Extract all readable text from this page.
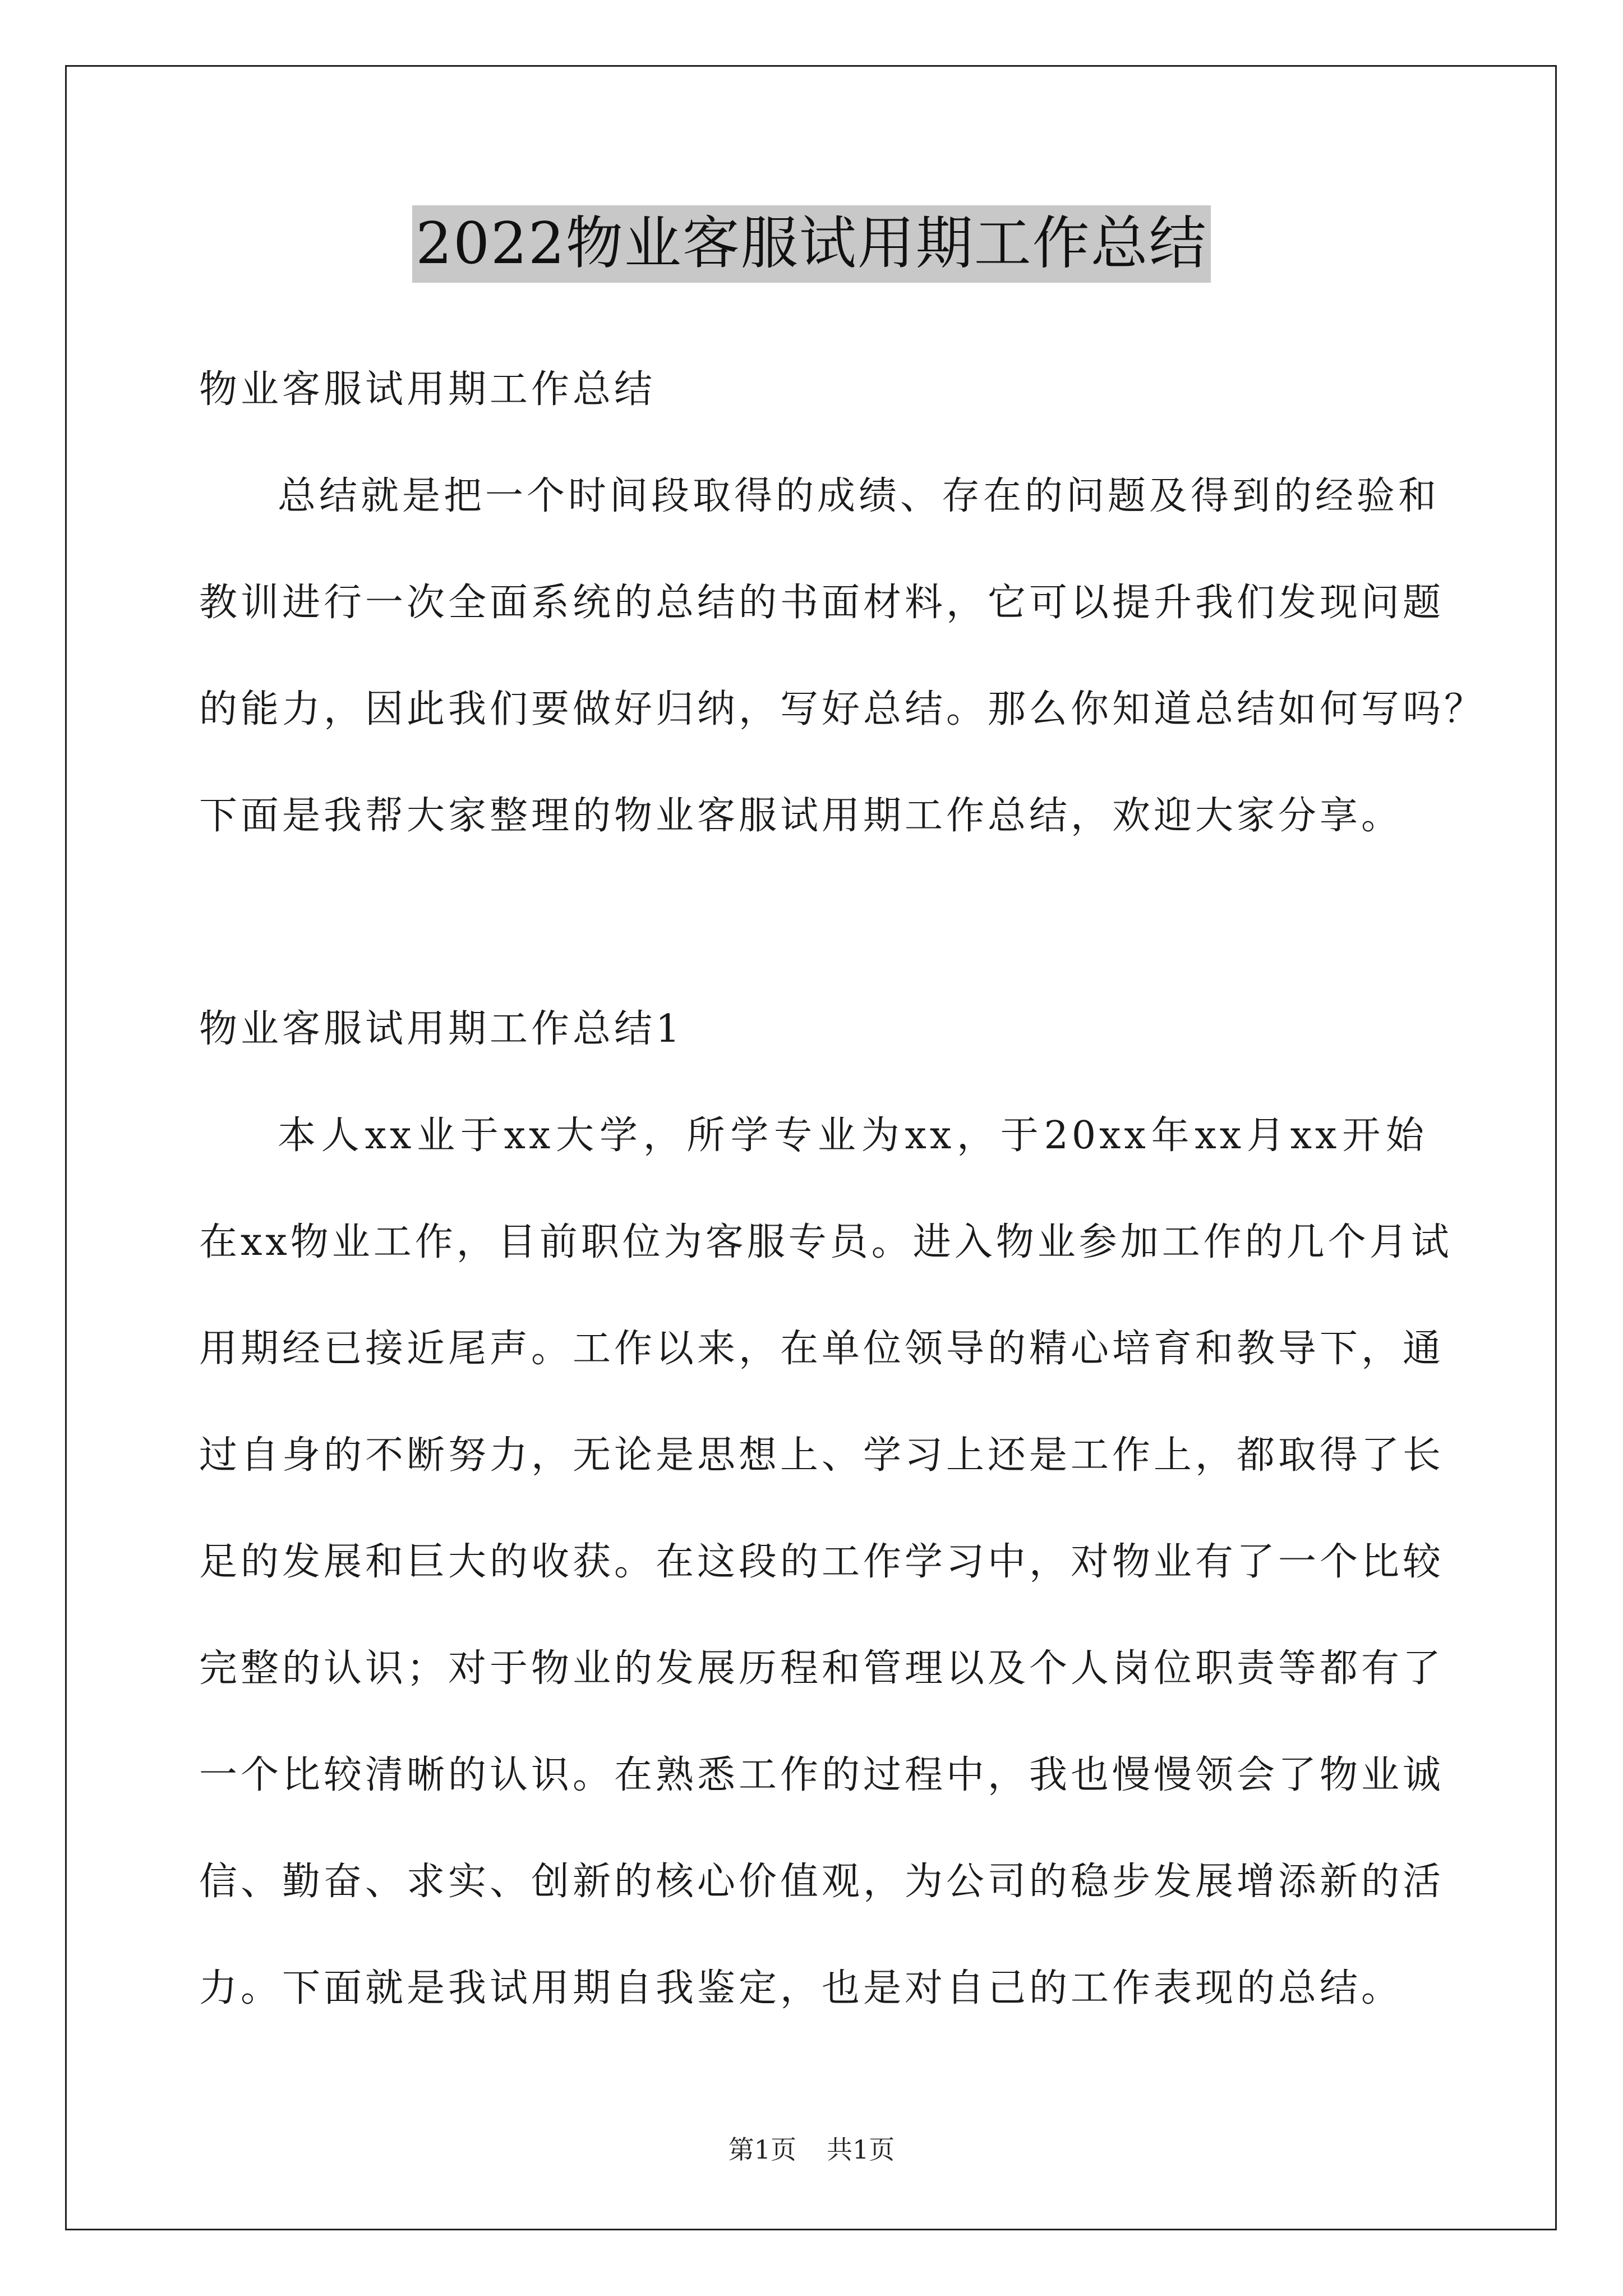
2022物业客服试用期工作总结

物业客服试用期工作总结

总结就是把一个时间段取得的成绩、存在的问题及得到的经验和

教训进行一次全面系统的总结的书面材料，它可以提升我们发现问题

的能力，因此我们要做好归纳，写好总结。那么你知道总结如何写吗？

下面是我帮大家整理的物业客服试用期工作总结，欢迎大家分享。

物业客服试用期工作总结1

本人xx业于xx大学，所学专业为xx，于20xx年xx月xx开始

在xx物业工作，目前职位为客服专员。进入物业参加工作的几个月试

用期经已接近尾声。工作以来，在单位领导的精心培育和教导下，通

过自身的不断努力，无论是思想上、学习上还是工作上，都取得了长

足的发展和巨大的收获。在这段的工作学习中，对物业有了一个比较

完整的认识；对于物业的发展历程和管理以及个人岗位职责等都有了

一个比较清晰的认识。在熟悉工作的过程中，我也慢慢领会了物业诚

信、勤奋、求实、创新的核心价值观，为公司的稳步发展增添新的活

力。下面就是我试用期自我鉴定，也是对自己的工作表现的总结。

第1页 共1页
